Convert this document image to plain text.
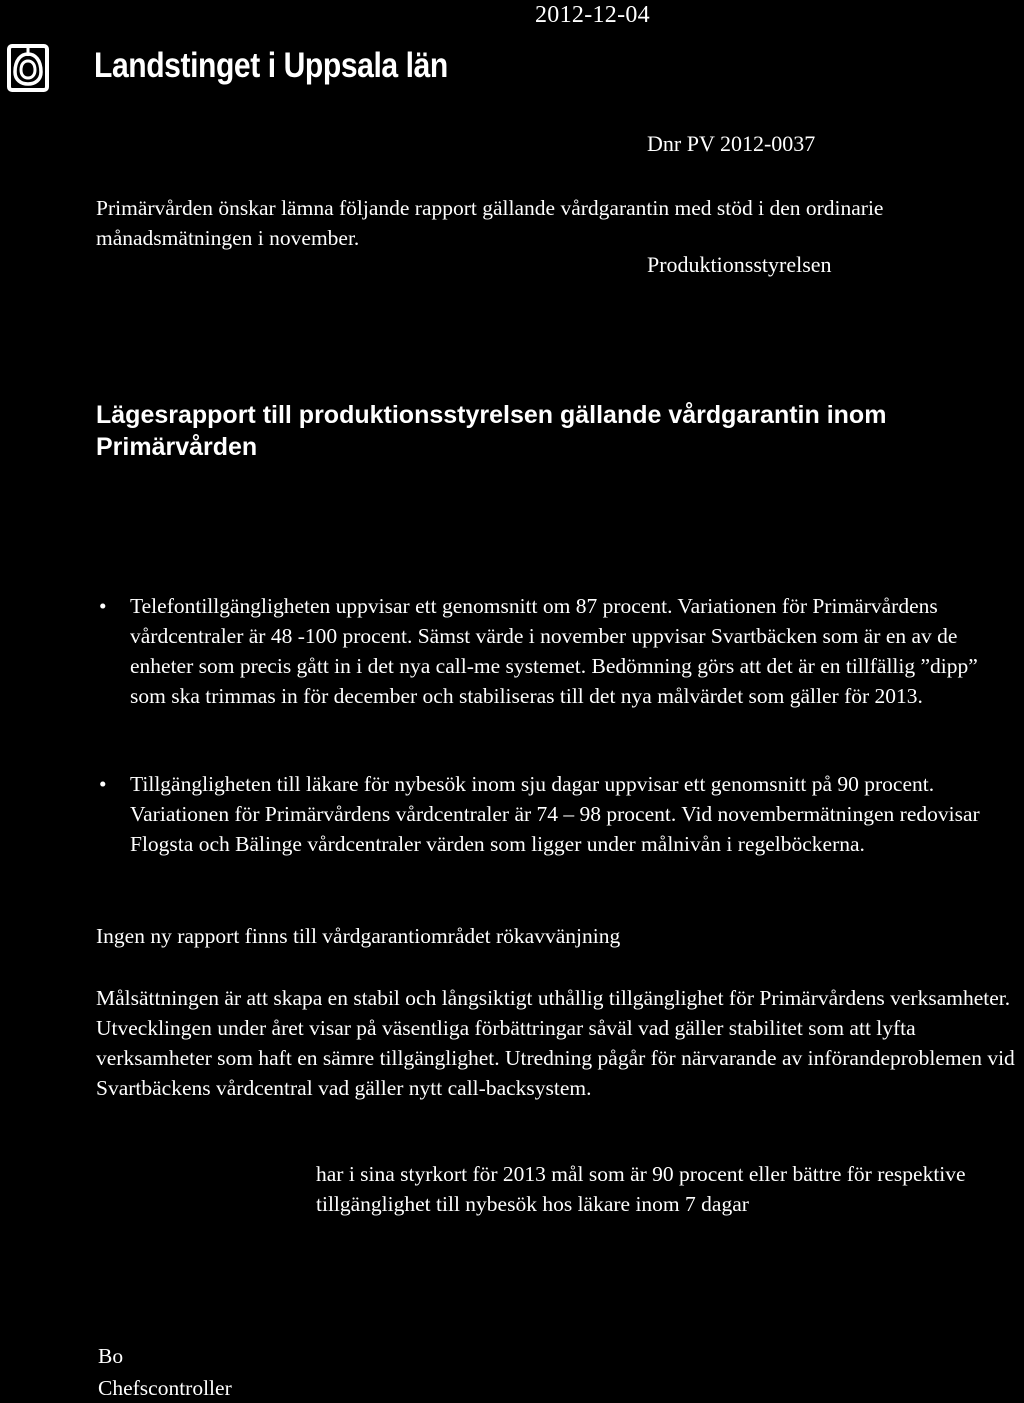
Landstinget i Uppsala län
2012-12-04
Dnr PV 2012-0037
Produktionsstyrelsen
Lägesrapport till produktionsstyrelsen gällande vårdgarantin inom Primärvården
Primärvården önskar lämna följande rapport gällande vårdgarantin med stöd i den ordinarie månadsmätningen i november.
• Telefontillgängligheten uppvisar ett genomsnitt om 87 procent. Variationen för Primärvårdens vårdcentraler är 48 -100 procent. Sämst värde i november uppvisar Svartbäcken som är en av de enheter som precis gått in i det nya call-me systemet. Bedömning görs att det är en tillfällig ”dipp” som ska trimmas in för december och stabiliseras till det nya målvärdet som gäller för 2013.
• Tillgängligheten till läkare för nybesök inom sju dagar uppvisar ett genomsnitt på 90 procent. Variationen för Primärvårdens vårdcentraler är 74 – 98 procent. Vid novembermätningen redovisar Flogsta och Bälinge vårdcentraler värden som ligger under målnivån i regelböckerna.
Ingen ny rapport finns till vårdgarantiområdet rökavvänjning
Målsättningen är att skapa en stabil och långsiktigt uthållig tillgänglighet för Primärvårdens verksamheter. Utvecklingen under året visar på väsentliga förbättringar såväl vad gäller stabilitet som att lyfta verksamheter som haft en sämre tillgänglighet. Utredning pågår för närvarande av införandeproblemen vid Svartbäckens vårdcentral vad gäller nytt call-backsystem.
har i sina styrkort för 2013 mål som är 90 procent eller bättre för respektive tillgänglighet till nybesök hos läkare inom 7 dagar
Bo
Chefscontroller
